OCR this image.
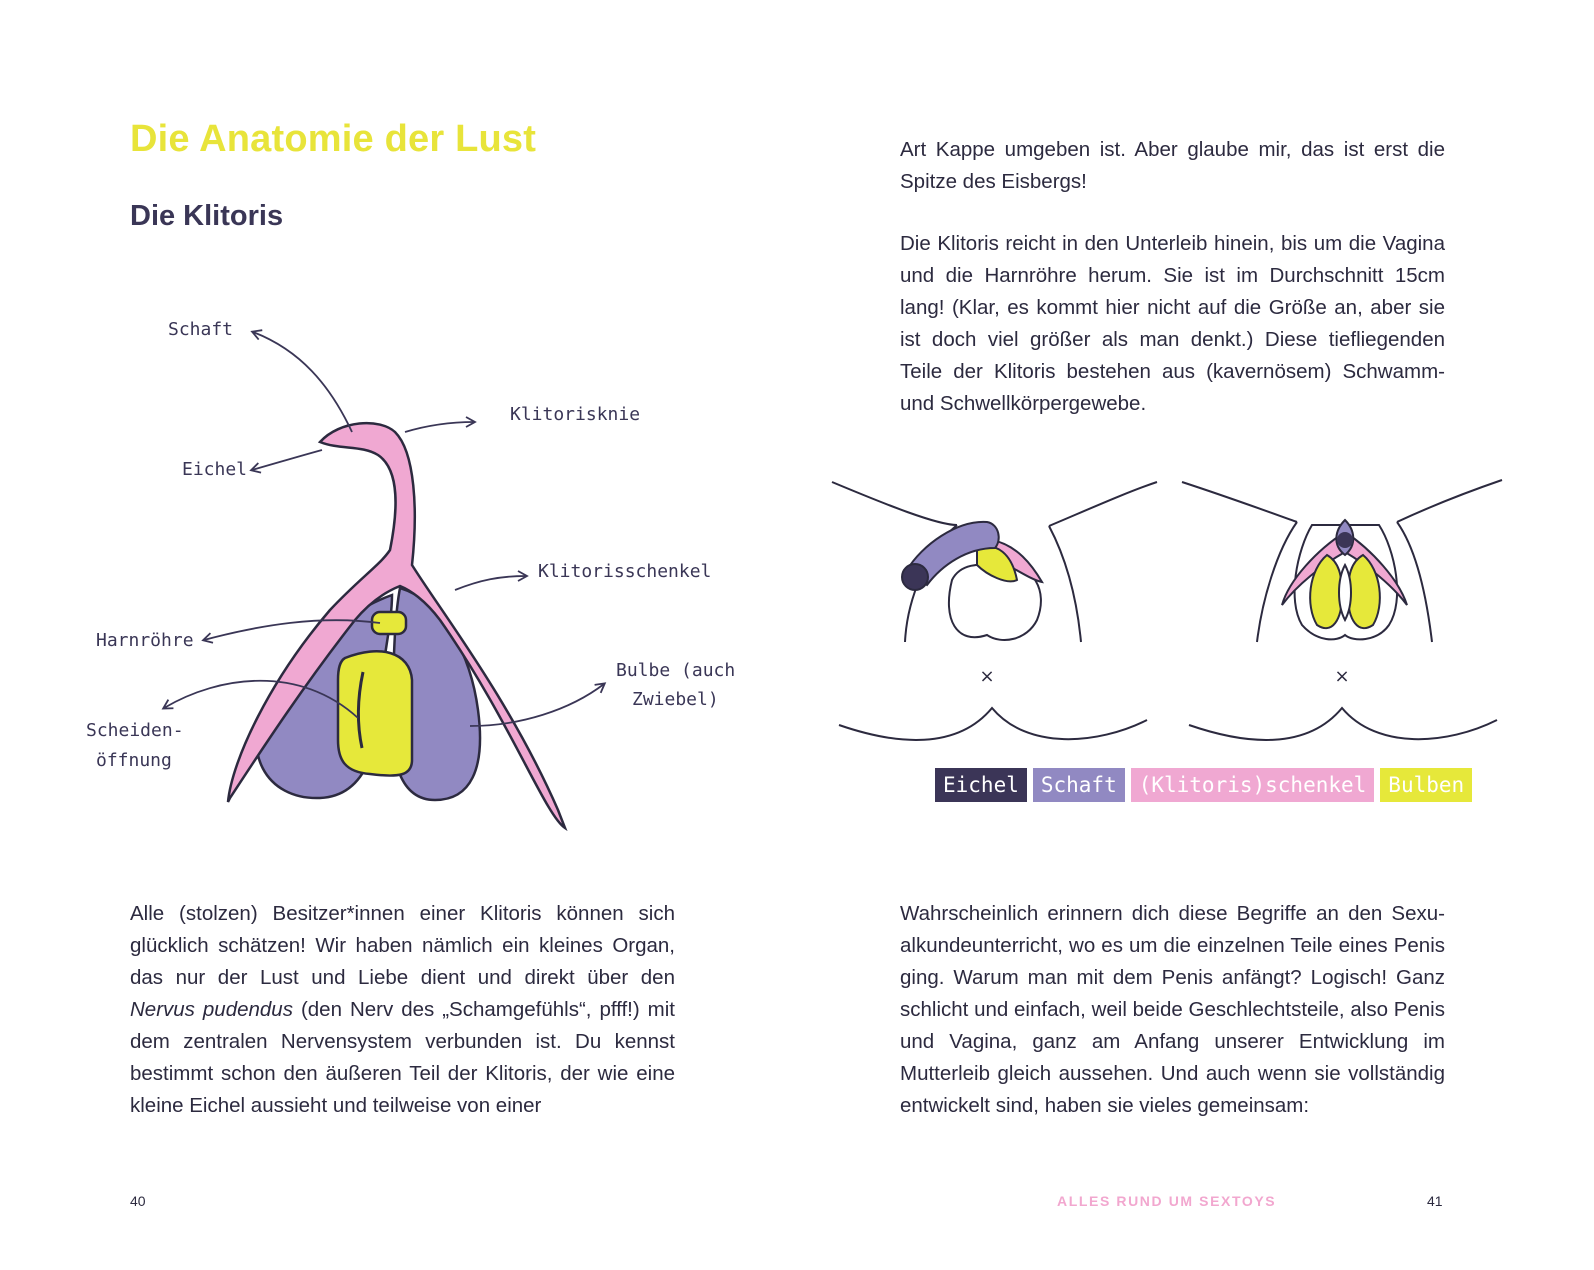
Die Anatomie der Lust
Die Klitoris
Schaft
Klitorisknie
Eichel
Klitorisschenkel
Harnröhre
Bulbe (auch
Zwiebel)
Scheiden-
öffnung

Alle (stolzen) Besitzer*innen einer Klitoris können sich glücklich schätzen! Wir haben nämlich ein kleines Organ, das nur der Lust und Liebe dient und direkt über den Nervus pudendus (den Nerv des „Schamgefühls“, pfff!) mit dem zentralen Nervensystem verbunden ist. Du kennst bestimmt schon den äußeren Teil der Klitoris, der wie eine kleine Eichel aussieht und teilweise von einer

40

Art Kappe umgeben ist. Aber glaube mir, das ist erst die Spitze des Eisbergs!

Die Klitoris reicht in den Unterleib hinein, bis um die Vagina und die Harnröhre herum. Sie ist im Durchschnitt 15cm lang! (Klar, es kommt hier nicht auf die Größe an, aber sie ist doch viel größer als man denkt.) Diese tiefliegenden Teile der Klitoris bestehen aus (kavernösem) Schwamm- und Schwellkörpergewebe.

×	×
Eichel	Schaft	(Klitoris)schenkel	Bulben

Wahrscheinlich erinnern dich diese Begriffe an den Sexualkundeunterricht, wo es um die einzelnen Teile eines Penis ging. Warum man mit dem Penis anfängt? Logisch! Ganz schlicht und einfach, weil beide Geschlechtsteile, also Penis und Vagina, ganz am Anfang unserer Entwicklung im Mutterleib gleich aussehen. Und auch wenn sie vollständig entwickelt sind, haben sie vieles gemeinsam:

ALLES RUND UM SEXTOYS	41
